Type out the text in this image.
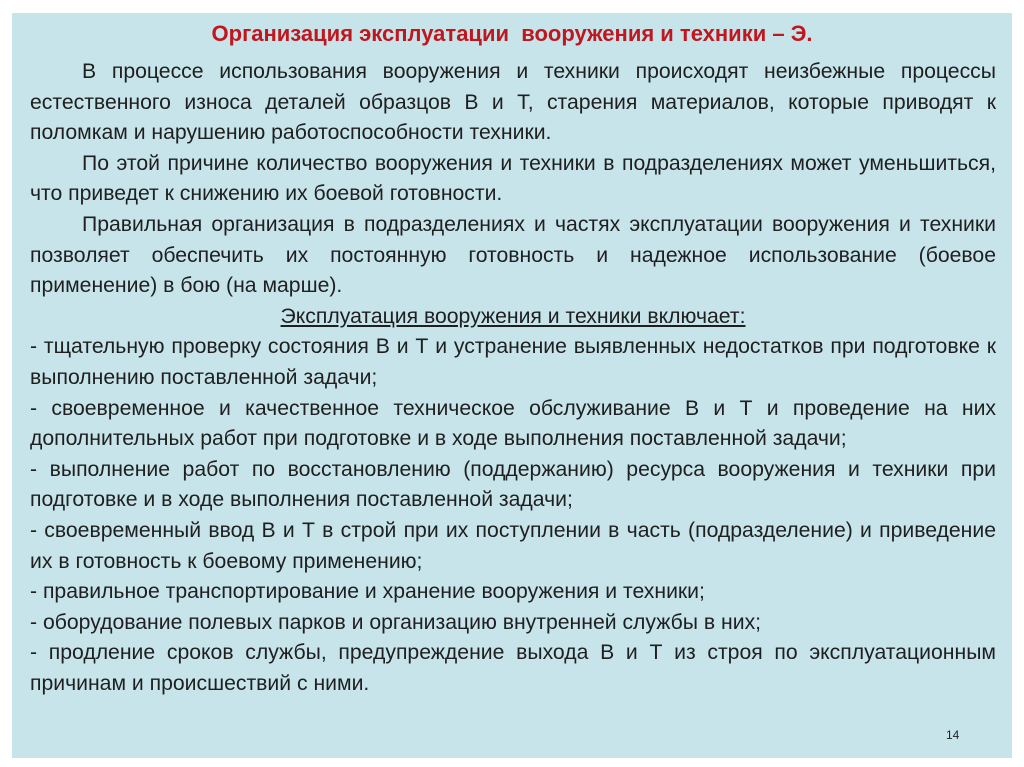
Организация эксплуатации  вооружения и техники – Э.

В процессе использования вооружения и техники происходят неизбежные процессы естественного износа деталей образцов В и Т, старения материалов, которые приводят к поломкам и нарушению работоспособности техники.

По этой причине количество вооружения и техники в подразделениях может уменьшиться, что приведет к снижению их боевой готовности.

Правильная организация в подразделениях и частях эксплуатации вооружения и техники позволяет обеспечить их постоянную готовность и надежное использование (боевое применение) в бою (на марше).

Эксплуатация вооружения и техники включает:

- тщательную проверку состояния В и Т и устранение выявленных недостатков при подготовке к выполнению поставленной задачи;

- своевременное и качественное техническое обслуживание В и Т и проведение на них дополнительных работ при подготовке и в ходе выполнения поставленной задачи;

- выполнение работ по восстановлению (поддержанию) ресурса вооружения и техники при подготовке и в ходе выполнения поставленной задачи;

- своевременный ввод В и Т в строй при их поступлении в часть (подразделение) и приведение их в готовность к боевому применению;

- правильное транспортирование и хранение вооружения и техники;

- оборудование полевых парков и организацию внутренней службы в них;

- продление сроков службы, предупреждение выхода В и Т из строя по эксплуатационным причинам и происшествий с ними.

14
